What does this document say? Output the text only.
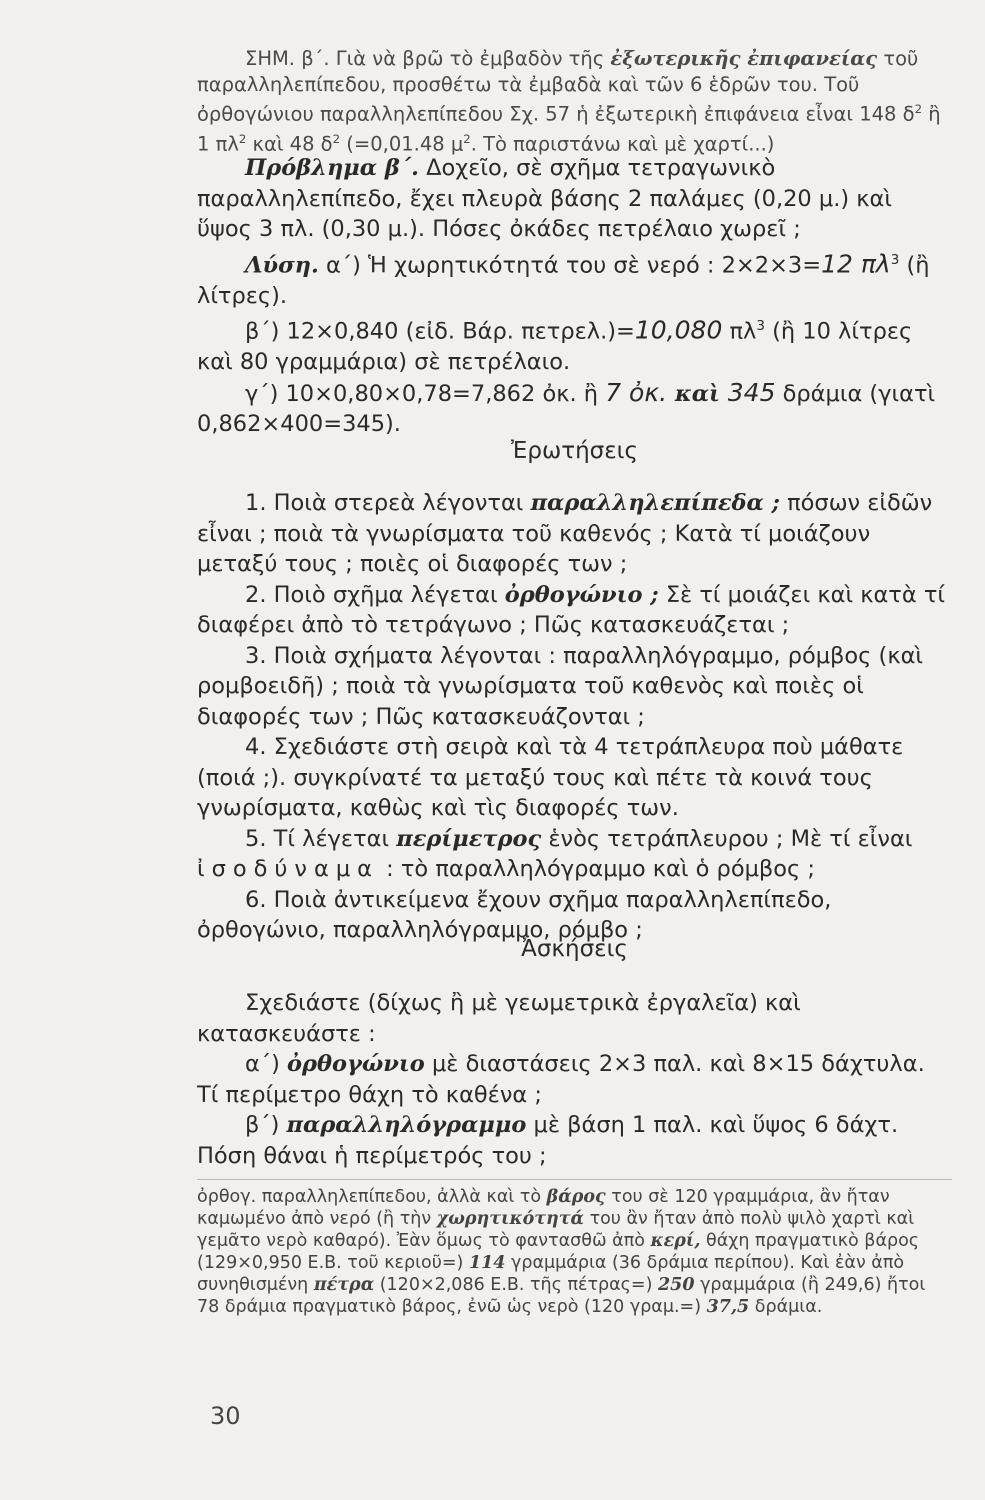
ΣΗΜ. β΄. Γιὰ νὰ βρῶ τὸ ἐμβαδὸν τῆς ἐξωτερικῆς ἐπιφανείας τοῦ παραλληλεπίπεδου, προσθέτω τὰ ἐμβαδὰ καὶ τῶν 6 ἑδρῶν του. Τοῦ ὀρθογώνιου παραλληλεπίπεδου Σχ. 57 ἡ ἐξωτερικὴ ἐπιφάνεια εἶναι 148 $\delta^2$ ἢ 1 $\pi\lambda^2$ καὶ 48 $\delta^2$ (=0,01.48 $\mu^2$. Τὸ παριστάνω καὶ μὲ χαρτί...)

Πρόβλημα β΄. Δοχεῖο, σὲ σχῆμα τετραγωνικὸ παραλληλεπίπεδο, ἔχει πλευρὰ βάσης 2 παλάμες (0,20 μ.) καὶ ὕψος 3 πλ. (0,30 μ.). Πόσες ὀκάδες πετρέλαιο χωρεῖ ;

Λύση. α΄) Ἡ χωρητικότητά του σὲ νερό : 2×2×3=12 $\pi\lambda^3$ (ἢ λίτρες).

β΄) 12×0,840 (εἰδ. Βάρ. πετρελ.)=10,080 $\pi\lambda^3$ (ἢ 10 λίτρες καὶ 80 γραμμάρια) σὲ πετρέλαιο.

γ΄) 10×0,80×0,78=7,862 ὀκ. ἢ 7 ὀκ. καὶ 345 δράμια (γιατὶ 0,862×400=345).

Ἐρωτήσεις

1. Ποιὰ στερεὰ λέγονται παραλληλεπίπεδα ; πόσων εἰδῶν εἶναι ; ποιὰ τὰ γνωρίσματα τοῦ καθενός ; Κατὰ τί μοιάζουν μεταξύ τους ; ποιὲς οἱ διαφορές των ;

2. Ποιὸ σχῆμα λέγεται ὀρθογώνιο ; Σὲ τί μοιάζει καὶ κατὰ τί διαφέρει ἀπὸ τὸ τετράγωνο ; Πῶς κατασκευάζεται ;

3. Ποιὰ σχήματα λέγονται : παραλληλόγραμμο, ρόμβος (καὶ ρομβοειδῆ) ; ποιὰ τὰ γνωρίσματα τοῦ καθενὸς καὶ ποιὲς οἱ διαφορές των ; Πῶς κατασκευάζονται ;

4. Σχεδιάστε στὴ σειρὰ καὶ τὰ 4 τετράπλευρα ποὺ μάθατε (ποιά ;). συγκρίνατέ τα μεταξύ τους καὶ πέτε τὰ κοινά τους γνωρίσματα, καθὼς καὶ τὶς διαφορές των.

5. Τί λέγεται περίμετρος ἑνὸς τετράπλευρου ; Μὲ τί εἶναι ἰσοδύναμα : τὸ παραλληλόγραμμο καὶ ὁ ρόμβος ;

6. Ποιὰ ἀντικείμενα ἔχουν σχῆμα παραλληλεπίπεδο, ὀρθογώνιο, παραλληλόγραμμο, ρόμβο ;

Ἀσκήσεις

Σχεδιάστε (δίχως ἢ μὲ γεωμετρικὰ ἐργαλεῖα) καὶ κατασκευάστε :

α΄) ὀρθογώνιο μὲ διαστάσεις 2×3 παλ. καὶ 8×15 δάχτυλα. Τί περίμετρο θάχη τὸ καθένα ;

β΄) παραλληλόγραμμο μὲ βάση 1 παλ. καὶ ὕψος 6 δάχτ. Πόση θάναι ἡ περίμετρός του ;

ὀρθογ. παραλληλεπίπεδου, ἀλλὰ καὶ τὸ βάρος του σὲ 120 γραμμάρια, ἂν ἤταν καμωμένο ἀπὸ νερό (ἢ τὴν χωρητικότητά του ἂν ἤταν ἀπὸ πολὺ ψιλὸ χαρτὶ καὶ γεμᾶτο νερὸ καθαρό). Ἐὰν ὅμως τὸ φαντασθῶ ἀπὸ κερί, θάχη πραγματικὸ βάρος (129×0,950 Ε.Β. τοῦ κεριοῦ=) 114 γραμμάρια (36 δράμια περίπου). Καὶ ἐὰν ἀπὸ συνηθισμένη πέτρα (120×2,086 Ε.Β. τῆς πέτρας=) 250 γραμμάρια (ἢ 249,6) ἤτοι 78 δράμια πραγματικὸ βάρος, ἐνῶ ὡς νερὸ (120 γραμ.=) 37,5 δράμια.

30
